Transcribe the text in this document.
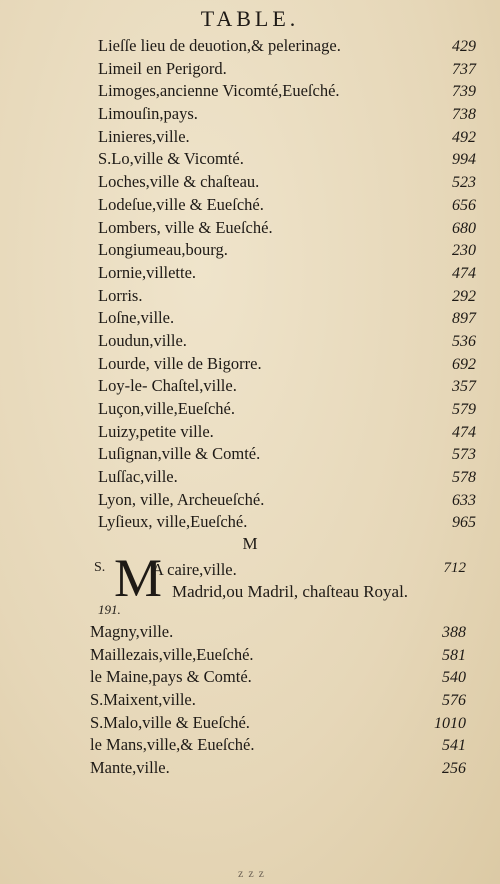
TABLE.
Lieſſe lieu de deuotion,& pelerinage.	429
Limeil en Perigord.	737
Limoges,ancienne Vicomté,Eueſché.	739
Limouſin,pays.	738
Linieres,ville.	492
S.Lo,ville & Vicomté.	994
Loches,ville & chaſteau.	523
Lodeſue,ville & Eueſché.	656
Lombers, ville & Eueſché.	680
Longiumeau,bourg.	230
Lornie,villette.	474
Lorris.	292
Loſne,ville.	897
Loudun,ville.	536
Lourde, ville de Bigorre.	692
Loy-le- Chaſtel,ville.	357
Luçon,ville,Eueſché.	579
Luizy,petite ville.	474
Luſignan,ville & Comté.	573
Luſſac,ville.	578
Lyon, ville, Archeueſché.	633
Lyſieux, ville,Eueſché.	965
M
S. M
A caire,ville.	712
Madrid,ou Madril, chaſteau Royal.
191.
Magny,ville.	388
Maillezais,ville,Eueſché.	581
le Maine,pays & Comté.	540
S.Maixent,ville.	576
S.Malo,ville & Eueſché.	1010
le Mans,ville,& Eueſché.	541
Mante,ville.	256
z z z
